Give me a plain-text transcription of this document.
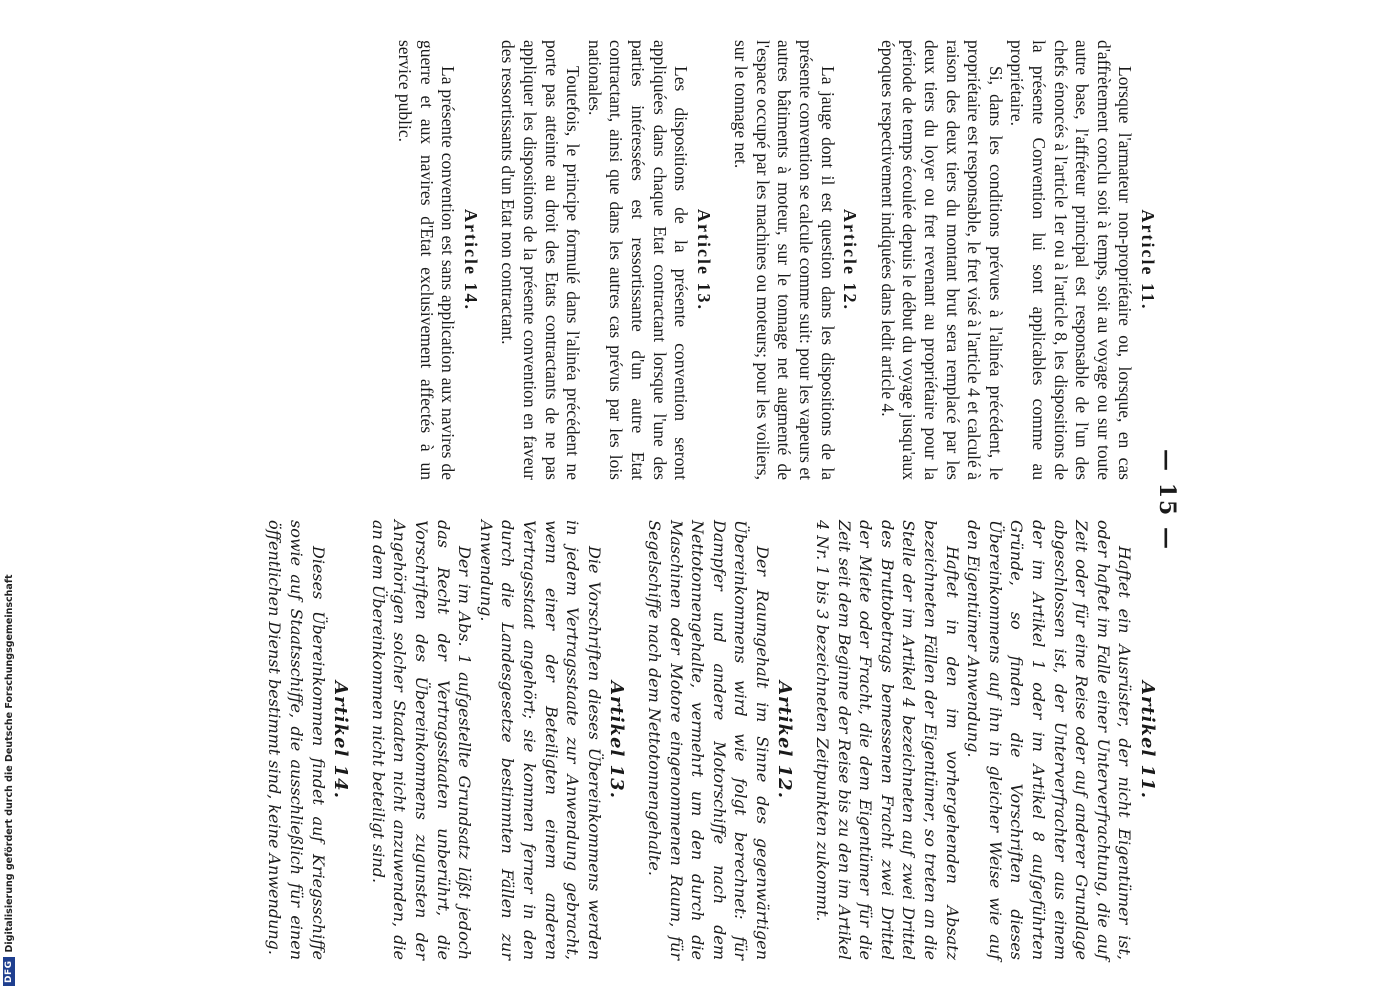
— 15 —
Article 11.

Lorsque l'armateur non-propriétaire ou, lorsque, en cas d'affrètement conclu soit à temps, soit au voyage ou sur toute autre base, l'affréteur principal est responsable de l'un des chefs énoncés à l'article 1er ou à l'article 8, les dispositions de la présente Convention lui sont applicables comme au propriétaire.

Si, dans les conditions prévues à l'alinéa précédent, le propriétaire est responsable, le fret visé à l'article 4 et calculé à raison des deux tiers du montant brut sera remplacé par les deux tiers du loyer ou fret revenant au propriétaire pour la période de temps écoulée depuis le début du voyage jusqu'aux époques respectivement indiquées dans ledit article 4.

Article 12.

La jauge dont il est question dans les dispositions de la présente convention se calcule comme suit: pour les vapeurs et autres bâtiments à moteur, sur le tonnage net augmenté de l'espace occupé par les machines ou moteurs; pour les voiliers, sur le tonnage net.

Article 13.

Les dispositions de la présente convention seront appliquées dans chaque Etat contractant lorsque l'une des parties intéressées est ressortissante d'un autre Etat contractant, ainsi que dans les autres cas prévus par les lois nationales.

Toutefois, le principe formulé dans l'alinéa précédent ne porte pas atteinte au droit des Etats contractants de ne pas appliquer les dispositions de la présente convention en faveur des ressortissants d'un Etat non contractant.

Article 14.

La présente convention est sans application aux navires de guerre et aux navires d'Etat exclusivement affectés à un service public.

Artikel 11.

Haftet ein Ausrüster, der nicht Eigentümer ist, oder haftet im Falle einer Unterverfrachtung, die auf Zeit oder für eine Reise oder auf anderer Grundlage abgeschlossen ist, der Unterverfrachter aus einem der im Artikel 1 oder im Artikel 8 aufgeführten Gründe, so finden die Vorschriften dieses Übereinkommens auf ihn in gleicher Weise wie auf den Eigentümer Anwendung.

Haftet in den im vorhergehenden Absatz bezeichneten Fällen der Eigentümer, so treten an die Stelle der im Artikel 4 bezeichneten auf zwei Drittel des Bruttobetrags bemessenen Fracht zwei Drittel der Miete oder Fracht, die dem Eigentümer für die Zeit seit dem Beginne der Reise bis zu den im Artikel 4 Nr. 1 bis 3 bezeichneten Zeitpunkten zukommt.

Artikel 12.

Der Raumgehalt im Sinne des gegenwärtigen Übereinkommens wird wie folgt berechnet: für Dampfer und andere Motorschiffe nach dem Nettotonnengehalte, vermehrt um den durch die Maschinen oder Motore eingenommenen Raum, für Segelschiffe nach dem Nettotonnengehalte.

Artikel 13.

Die Vorschriften dieses Übereinkommens werden in jedem Vertragsstaate zur Anwendung gebracht, wenn einer der Beteiligten einem anderen Vertragsstaat angehört; sie kommen ferner in den durch die Landesgesetze bestimmten Fällen zur Anwendung.

Der im Abs. 1 aufgestellte Grundsatz läßt jedoch das Recht der Vertragsstaaten unberührt, die Vorschriften des Übereinkommens zugunsten der Angehörigen solcher Staaten nicht anzuwenden, die an dem Übereinkommen nicht beteiligt sind.

Artikel 14.

Dieses Übereinkommen findet auf Kriegsschiffe sowie auf Staatsschiffe, die ausschließlich für einen öffentlichen Dienst bestimmt sind, keine Anwendung.

DFG
Digitalisierung gefördert durch die Deutsche Forschungsgemeinschaft
